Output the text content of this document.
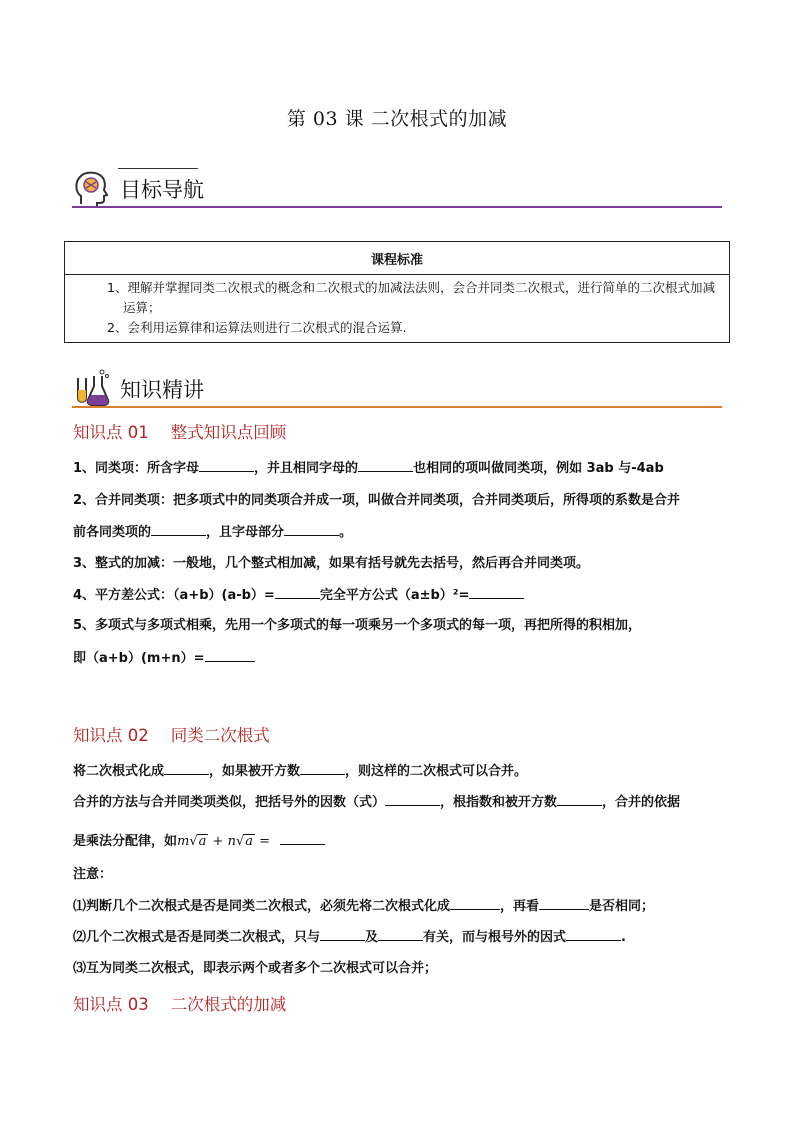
第 03 课 二次根式的加减
目标导航
课程标准

1、理解并掌握同类二次根式的概念和二次根式的加减法法则，会合并同类二次根式，进行简单的二次根式加减运算；
2、会利用运算律和运算法则进行二次根式的混合运算.
知识精讲
知识点 01 整式知识点回顾
1、同类项：所含字母	，并且相同字母的	也相同的项叫做同类项，例如 3ab 与-4ab
2、合并同类项：把多项式中的同类项合并成一项，叫做合并同类项，合并同类项后，所得项的系数是合并
前各同类项的	，且字母部分	。
3、整式的加减：一般地，几个整式相加减，如果有括号就先去括号，然后再合并同类项。
4、平方差公式：（a+b）(a-b）=	完全平方公式（a±b）²=
5、多项式与多项式相乘，先用一个多项式的每一项乘另一个多项式的每一项，再把所得的积相加，
即（a+b）(m+n）=
知识点 02 同类二次根式
将二次根式化成	，如果被开方数	，则这样的二次根式可以合并。
合并的方法与合并同类项类似，把括号外的因数（式）	，根指数和被开方数	，合并的依据
是乘法分配律，如m√a + n√a =
注意：
⑴判断几个二次根式是否是同类二次根式，必须先将二次根式化成	，再看	是否相同；
⑵几个二次根式是否是同类二次根式，只与	及	有关，而与根号外的因式	.
⑶互为同类二次根式，即表示两个或者多个二次根式可以合并；
知识点 03 二次根式的加减
